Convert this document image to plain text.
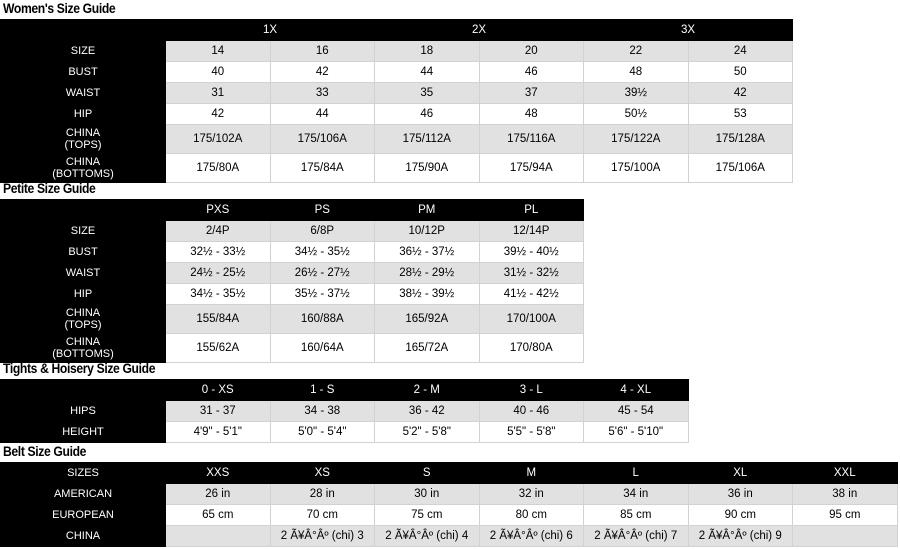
Women's Size Guide
	1X		2X		3X	
SIZE	14	16	18	20	22	24
BUST	40	42	44	46	48	50
WAIST	31	33	35	37	39½	42
HIP	42	44	46	48	50½	53
CHINA
(TOPS)	175/102A	175/106A	175/112A	175/116A	175/122A	175/128A
CHINA
(BOTTOMS)	175/80A	175/84A	175/90A	175/94A	175/100A	175/106A
Petite Size Guide
	PXS	PS	PM	PL
SIZE	2/4P	6/8P	10/12P	12/14P
BUST	32½ - 33½	34½ - 35½	36½ - 37½	39½ - 40½
WAIST	24½ - 25½	26½ - 27½	28½ - 29½	31½ - 32½
HIP	34½ - 35½	35½ - 37½	38½ - 39½	41½ - 42½
CHINA
(TOPS)	155/84A	160/88A	165/92A	170/100A
CHINA
(BOTTOMS)	155/62A	160/64A	165/72A	170/80A
Tights & Hoisery Size Guide
	0 - XS	1 - S	2 - M	3 - L	4 - XL
HIPS	31 - 37	34 - 38	36 - 42	40 - 46	45 - 54
HEIGHT	4'9" - 5'1"	5'0" - 5'4"	5'2" - 5'8"	5'5" - 5'8"	5'6" - 5'10"
Belt Size Guide
SIZES	XXS	XS	S	M	L	XL	XXL
AMERICAN	26 in	28 in	30 in	32 in	34 in	36 in	38 in
EUROPEAN	65 cm	70 cm	75 cm	80 cm	85 cm	90 cm	95 cm
CHINA		2 Ã¥Â°Âº (chi) 3	2 Ã¥Â°Âº (chi) 4	2 Ã¥Â°Âº (chi) 6	2 Ã¥Â°Âº (chi) 7	2 Ã¥Â°Âº (chi) 9	
